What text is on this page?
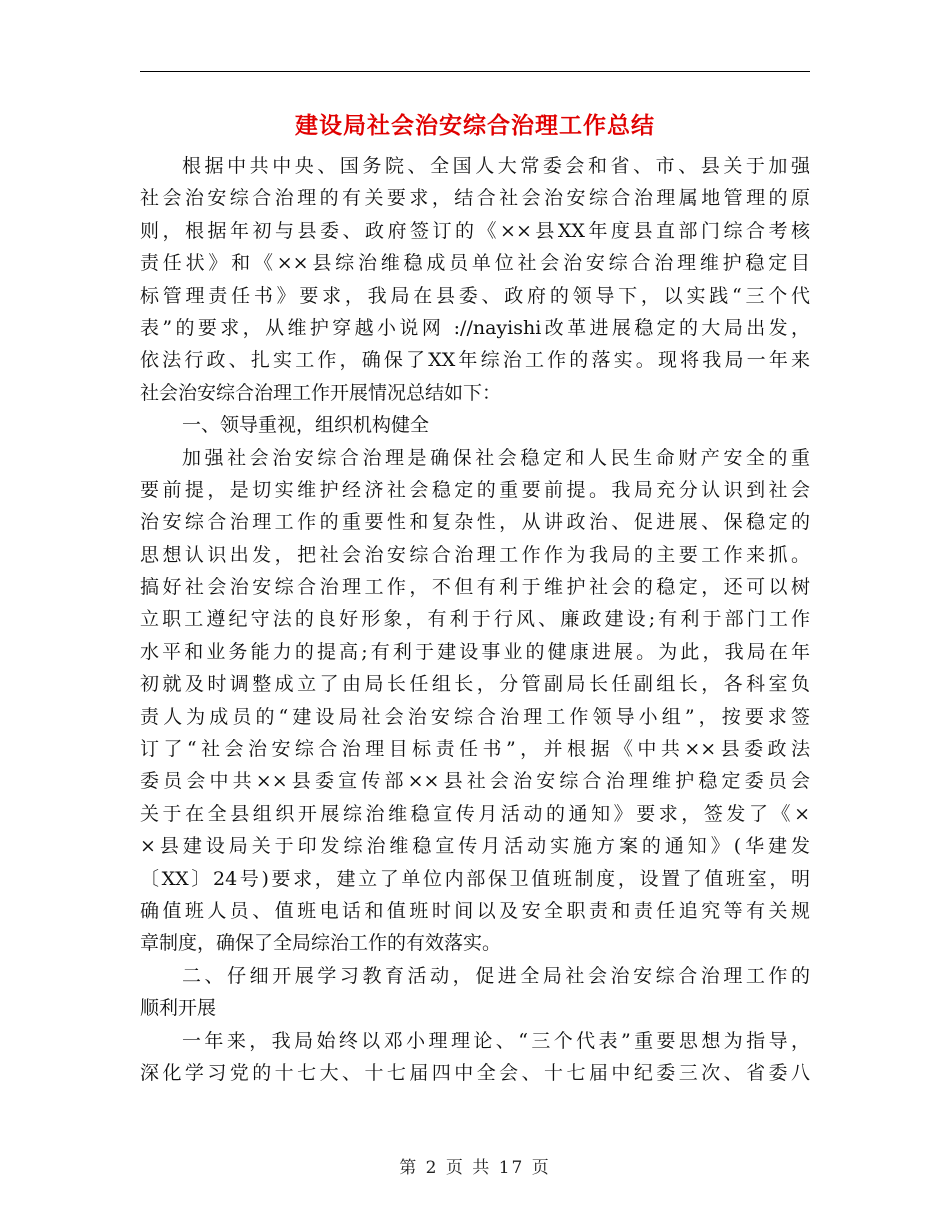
建设局社会治安综合治理工作总结
根据中共中央、国务院、全国人大常委会和省、市、县关于加强
社会治安综合治理的有关要求，结合社会治安综合治理属地管理的原
则，根据年初与县委、政府签订的《××县XX年度县直部门综合考核
责任状》和《××县综治维稳成员单位社会治安综合治理维护稳定目
标管理责任书》要求，我局在县委、政府的领导下，以实践“三个代
表”的要求，从维护穿越小说网 ://nayishi改革进展稳定的大局出发，
依法行政、扎实工作，确保了XX年综治工作的落实。现将我局一年来
社会治安综合治理工作开展情况总结如下：
一、领导重视，组织机构健全
加强社会治安综合治理是确保社会稳定和人民生命财产安全的重
要前提，是切实维护经济社会稳定的重要前提。我局充分认识到社会
治安综合治理工作的重要性和复杂性，从讲政治、促进展、保稳定的
思想认识出发，把社会治安综合治理工作作为我局的主要工作来抓。
搞好社会治安综合治理工作，不但有利于维护社会的稳定，还可以树
立职工遵纪守法的良好形象，有利于行风、廉政建设;有利于部门工作
水平和业务能力的提高;有利于建设事业的健康进展。为此，我局在年
初就及时调整成立了由局长任组长，分管副局长任副组长，各科室负
责人为成员的“建设局社会治安综合治理工作领导小组”，按要求签
订了“社会治安综合治理目标责任书”，并根据《中共××县委政法
委员会中共××县委宣传部××县社会治安综合治理维护稳定委员会
关于在全县组织开展综治维稳宣传月活动的通知》要求，签发了《×
×县建设局关于印发综治维稳宣传月活动实施方案的通知》(华建发
〔XX〕24号)要求，建立了单位内部保卫值班制度，设置了值班室，明
确值班人员、值班电话和值班时间以及安全职责和责任追究等有关规
章制度，确保了全局综治工作的有效落实。
二、仔细开展学习教育活动，促进全局社会治安综合治理工作的
顺利开展
一年来，我局始终以邓小理理论、“三个代表”重要思想为指导，
深化学习党的十七大、十七届四中全会、十七届中纪委三次、省委八
第 2 页 共 17 页
